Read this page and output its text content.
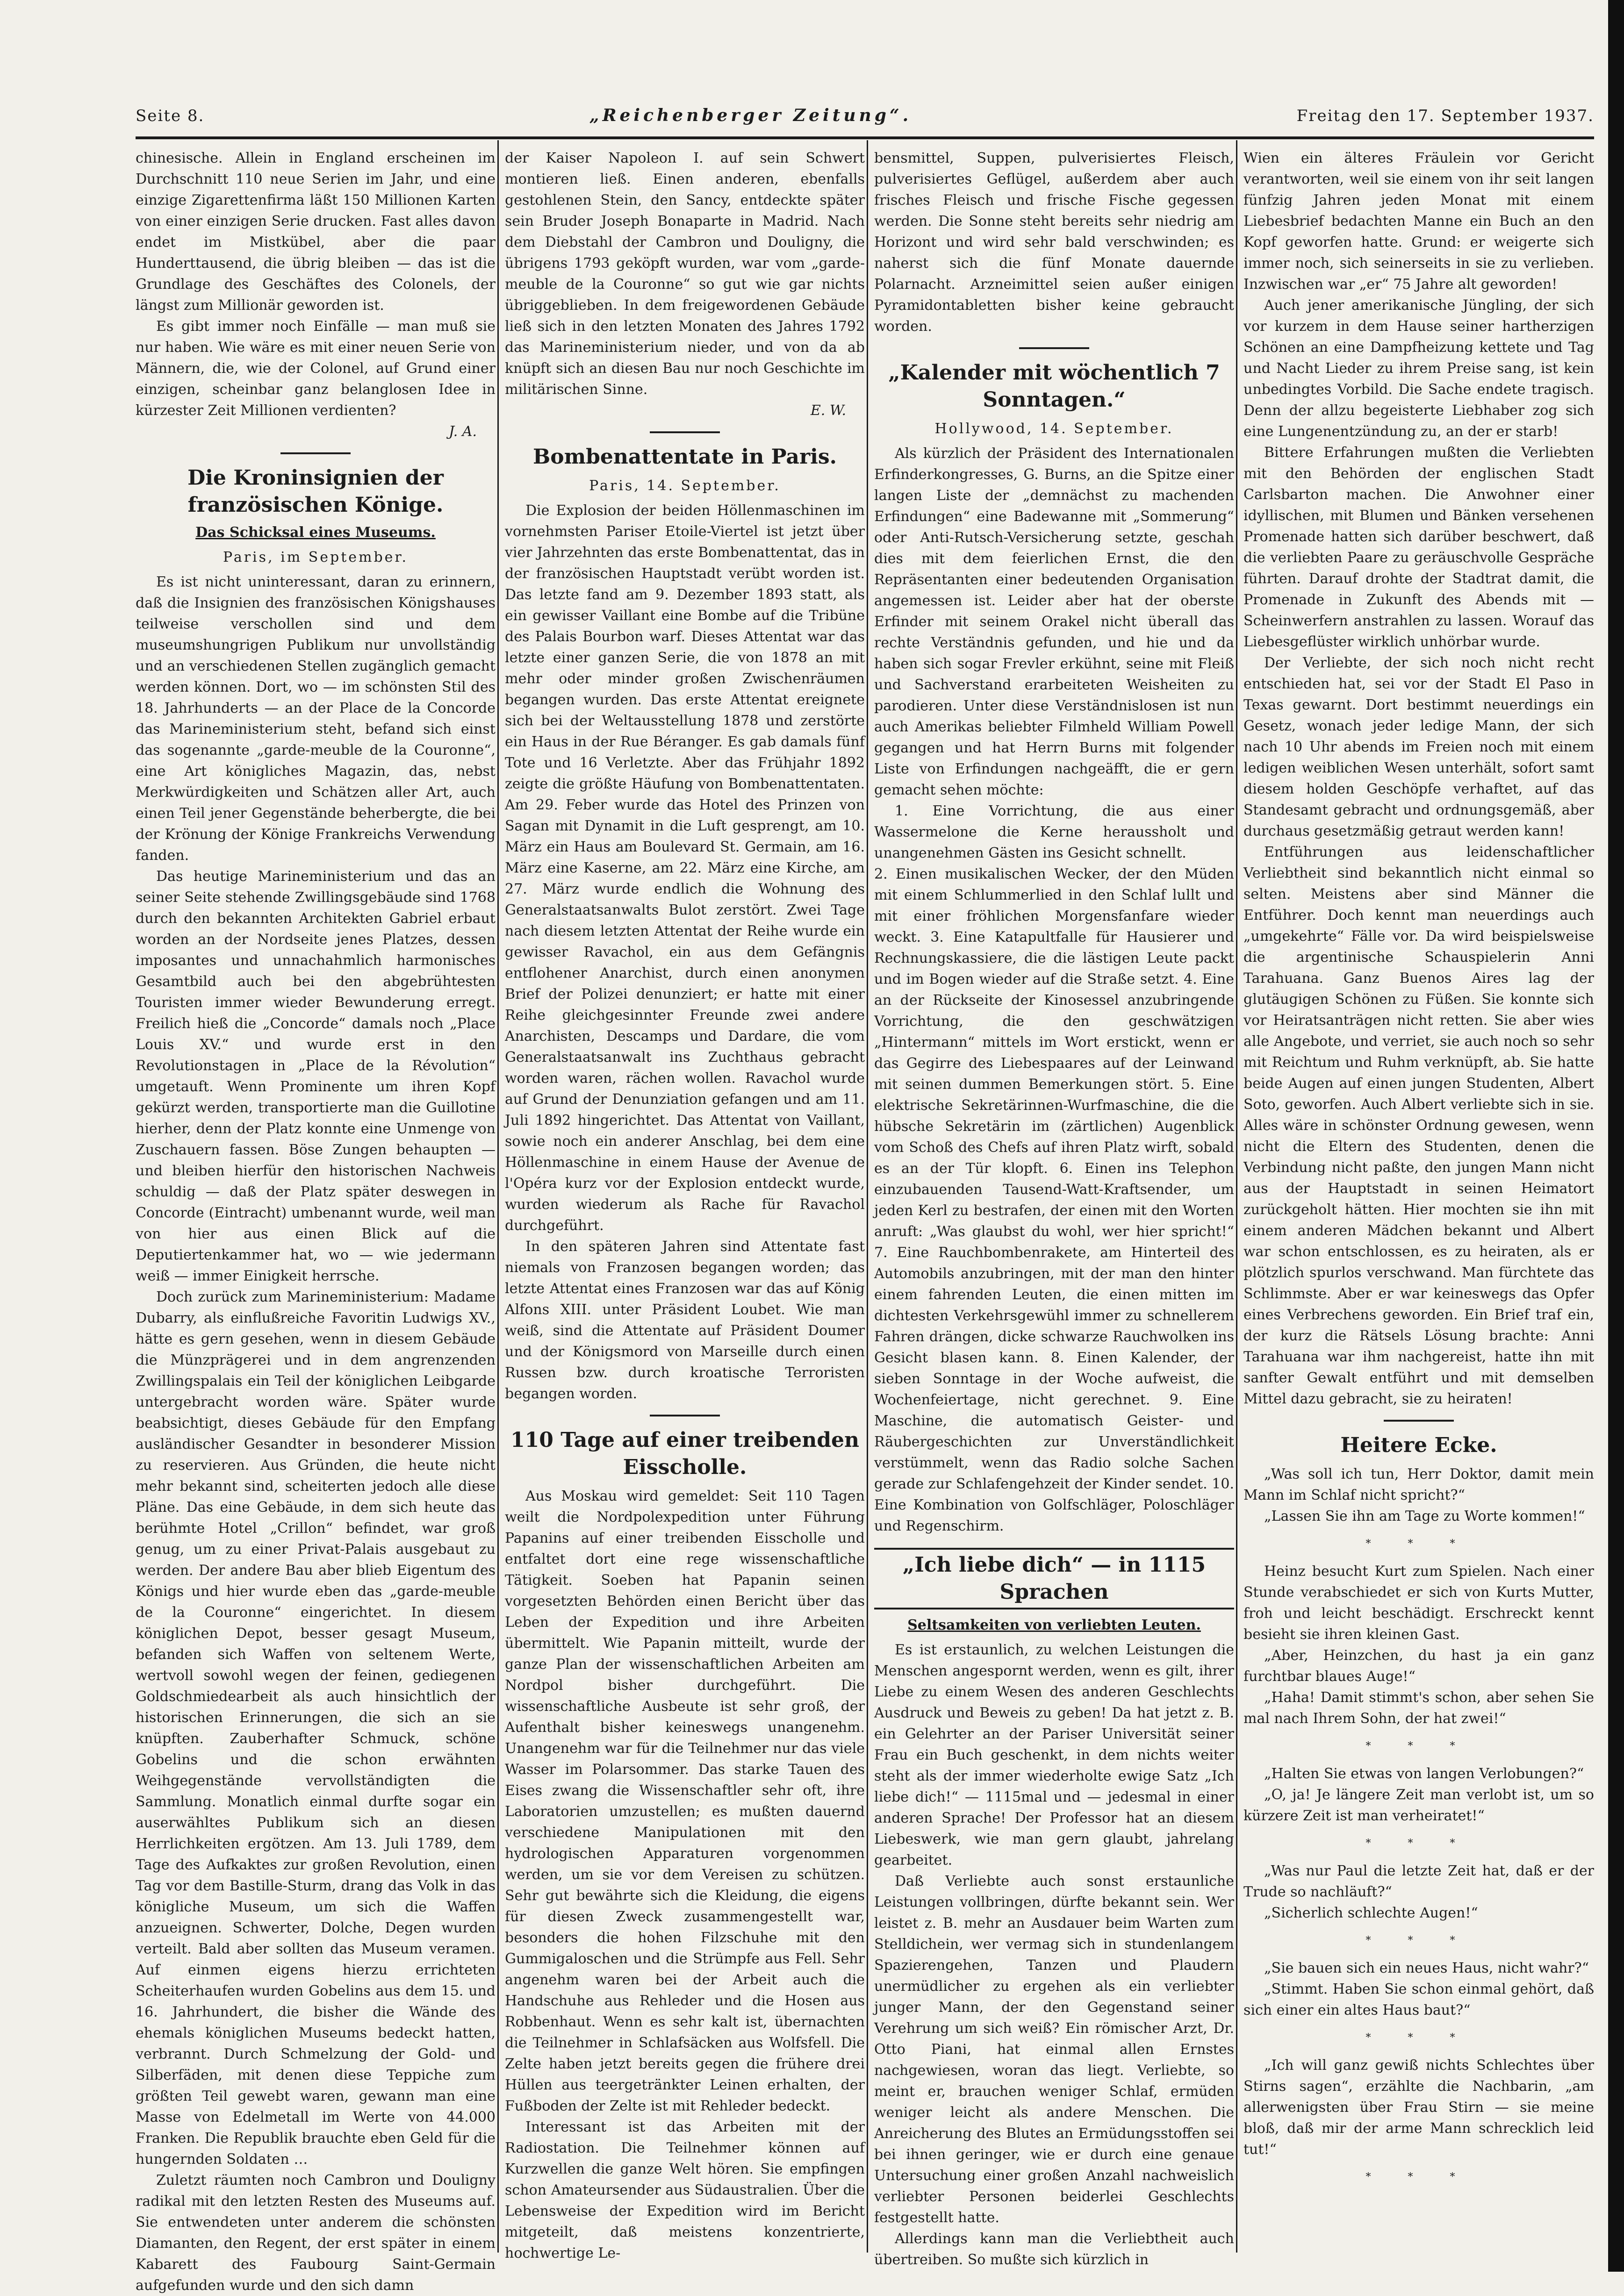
Seite 8.	„Reichenberger Zeitung“.	Freitag den 17. September 1937.

chinesische. Allein in England erscheinen im Durchschnitt 110 neue Serien im Jahr, und eine einzige Zigarettenfirma läßt 150 Millionen Karten von einer einzigen Serie drucken. Fast alles davon endet im Mistkübel, aber die paar Hunderttausend, die übrig bleiben — das ist die Grundlage des Geschäftes des Colonels, der längst zum Millionär geworden ist.

Es gibt immer noch Einfälle — man muß sie nur haben. Wie wäre es mit einer neuen Serie von Männern, die, wie der Colonel, auf Grund einer einzigen, scheinbar ganz belanglosen Idee in kürzester Zeit Millionen verdienten?

J. A.
Die Kroninsignien der französischen Könige.
Das Schicksal eines Museums.
Paris, im September.

Es ist nicht uninteressant, daran zu erinnern, daß die Insignien des französischen Königshauses teilweise verschollen sind und dem museumshungrigen Publikum nur unvollständig und an verschiedenen Stellen zugänglich gemacht werden können. Dort, wo — im schönsten Stil des 18. Jahrhunderts — an der Place de la Concorde das Marineministerium steht, befand sich einst das sogenannte „garde-meuble de la Couronne“, eine Art königliches Magazin, das, nebst Merkwürdigkeiten und Schätzen aller Art, auch einen Teil jener Gegenstände beherbergte, die bei der Krönung der Könige Frankreichs Verwendung fanden.

Das heutige Marineministerium und das an seiner Seite stehende Zwillingsgebäude sind 1768 durch den bekannten Architekten Gabriel erbaut worden an der Nordseite jenes Platzes, dessen imposantes und unnachahmlich harmonisches Gesamtbild auch bei den abgebrühtesten Touristen immer wieder Bewunderung erregt. Freilich hieß die „Concorde“ damals noch „Place Louis XV.“ und wurde erst in den Revolutionstagen in „Place de la Révolution“ umgetauft. Wenn Prominente um ihren Kopf gekürzt werden, transportierte man die Guillotine hierher, denn der Platz konnte eine Unmenge von Zuschauern fassen. Böse Zungen behaupten — und bleiben hierfür den historischen Nachweis schuldig — daß der Platz später deswegen in Concorde (Eintracht) umbenannt wurde, weil man von hier aus einen Blick auf die Deputiertenkammer hat, wo — wie jedermann weiß — immer Einigkeit herrsche.

Doch zurück zum Marineministerium: Madame Dubarry, als einflußreiche Favoritin Ludwigs XV., hätte es gern gesehen, wenn in diesem Gebäude die Münzprägerei und in dem angrenzenden Zwillingspalais ein Teil der königlichen Leibgarde untergebracht worden wäre. Später wurde beabsichtigt, dieses Gebäude für den Empfang ausländischer Gesandter in besonderer Mission zu reservieren. Aus Gründen, die heute nicht mehr bekannt sind, scheiterten jedoch alle diese Pläne. Das eine Gebäude, in dem sich heute das berühmte Hotel „Crillon“ befindet, war groß genug, um zu einer Privat-Palais ausgebaut zu werden. Der andere Bau aber blieb Eigentum des Königs und hier wurde eben das „garde-meuble de la Couronne“ eingerichtet. In diesem königlichen Depot, besser gesagt Museum, befanden sich Waffen von seltenem Werte, wertvoll sowohl wegen der feinen, gediegenen Goldschmiedearbeit als auch hinsichtlich der historischen Erinnerungen, die sich an sie knüpften. Zauberhafter Schmuck, schöne Gobelins und die schon erwähnten Weihgegenstände vervollständigten die Sammlung. Monatlich einmal durfte sogar ein auserwähltes Publikum sich an diesen Herrlichkeiten ergötzen. Am 13. Juli 1789, dem Tage des Aufkaktes zur großen Revolution, einen Tag vor dem Bastille-Sturm, drang das Volk in das königliche Museum, um sich die Waffen anzueignen. Schwerter, Dolche, Degen wurden verteilt. Bald aber sollten das Museum veramen. Auf einmen eigens hierzu errichteten Scheiterhaufen wurden Gobelins aus dem 15. und 16. Jahrhundert, die bisher die Wände des ehemals königlichen Museums bedeckt hatten, verbrannt. Durch Schmelzung der Gold- und Silberfäden, mit denen diese Teppiche zum größten Teil gewebt waren, gewann man eine Masse von Edelmetall im Werte von 44.000 Franken. Die Republik brauchte eben Geld für die hungernden Soldaten …

Zuletzt räumten noch Cambron und Douligny radikal mit den letzten Resten des Museums auf. Sie entwendeten unter anderem die schönsten Diamanten, den Regent, der erst später in einem Kabarett des Faubourg Saint-Germain aufgefunden wurde und den sich damn

der Kaiser Napoleon I. auf sein Schwert montieren ließ. Einen anderen, ebenfalls gestohlenen Stein, den Sancy, entdeckte später sein Bruder Joseph Bonaparte in Madrid. Nach dem Diebstahl der Cambron und Douligny, die übrigens 1793 geköpft wurden, war vom „garde-meuble de la Couronne“ so gut wie gar nichts übriggeblieben. In dem freigewordenen Gebäude ließ sich in den letzten Monaten des Jahres 1792 das Marineministerium nieder, und von da ab knüpft sich an diesen Bau nur noch Geschichte im militärischen Sinne.

E. W.
Bombenattentate in Paris.
Paris, 14. September.

Die Explosion der beiden Höllenmaschinen im vornehmsten Pariser Etoile-Viertel ist jetzt über vier Jahrzehnten das erste Bombenattentat, das in der französischen Hauptstadt verübt worden ist. Das letzte fand am 9. Dezember 1893 statt, als ein gewisser Vaillant eine Bombe auf die Tribüne des Palais Bourbon warf. Dieses Attentat war das letzte einer ganzen Serie, die von 1878 an mit mehr oder minder großen Zwischenräumen begangen wurden. Das erste Attentat ereignete sich bei der Weltausstellung 1878 und zerstörte ein Haus in der Rue Béranger. Es gab damals fünf Tote und 16 Verletzte. Aber das Frühjahr 1892 zeigte die größte Häufung von Bombenattentaten. Am 29. Feber wurde das Hotel des Prinzen von Sagan mit Dynamit in die Luft gesprengt, am 10. März ein Haus am Boulevard St. Germain, am 16. März eine Kaserne, am 22. März eine Kirche, am 27. März wurde endlich die Wohnung des Generalstaatsanwalts Bulot zerstört. Zwei Tage nach diesem letzten Attentat der Reihe wurde ein gewisser Ravachol, ein aus dem Gefängnis entflohener Anarchist, durch einen anonymen Brief der Polizei denunziert; er hatte mit einer Reihe gleichgesinnter Freunde zwei andere Anarchisten, Descamps und Dardare, die vom Generalstaatsanwalt ins Zuchthaus gebracht worden waren, rächen wollen. Ravachol wurde auf Grund der Denunziation gefangen und am 11. Juli 1892 hingerichtet. Das Attentat von Vaillant, sowie noch ein anderer Anschlag, bei dem eine Höllenmaschine in einem Hause der Avenue de l'Opéra kurz vor der Explosion entdeckt wurde, wurden wiederum als Rache für Ravachol durchgeführt.

In den späteren Jahren sind Attentate fast niemals von Franzosen begangen worden; das letzte Attentat eines Franzosen war das auf König Alfons XIII. unter Präsident Loubet. Wie man weiß, sind die Attentate auf Präsident Doumer und der Königsmord von Marseille durch einen Russen bzw. durch kroatische Terroristen begangen worden.

110 Tage auf einer treibenden Eisscholle.

Aus Moskau wird gemeldet: Seit 110 Tagen weilt die Nordpolexpedition unter Führung Papanins auf einer treibenden Eisscholle und entfaltet dort eine rege wissenschaftliche Tätigkeit. Soeben hat Papanin seinen vorgesetzten Behörden einen Bericht über das Leben der Expedition und ihre Arbeiten übermittelt. Wie Papanin mitteilt, wurde der ganze Plan der wissenschaftlichen Arbeiten am Nordpol bisher durchgeführt. Die wissenschaftliche Ausbeute ist sehr groß, der Aufenthalt bisher keineswegs unangenehm. Unangenehm war für die Teilnehmer nur das viele Wasser im Polarsommer. Das starke Tauen des Eises zwang die Wissenschaftler sehr oft, ihre Laboratorien umzustellen; es mußten dauernd verschiedene Manipulationen mit den hydrologischen Apparaturen vorgenommen werden, um sie vor dem Vereisen zu schützen. Sehr gut bewährte sich die Kleidung, die eigens für diesen Zweck zusammengestellt war, besonders die hohen Filzschuhe mit den Gummigaloschen und die Strümpfe aus Fell. Sehr angenehm waren bei der Arbeit auch die Handschuhe aus Rehleder und die Hosen aus Robbenhaut. Wenn es sehr kalt ist, übernachten die Teilnehmer in Schlafsäcken aus Wolfsfell. Die Zelte haben jetzt bereits gegen die frühere drei Hüllen aus teergetränkter Leinen erhalten, der Fußboden der Zelte ist mit Rehleder bedeckt.

Interessant ist das Arbeiten mit der Radiostation. Die Teilnehmer können auf Kurzwellen die ganze Welt hören. Sie empfingen schon Amateursender aus Südaustralien. Über die Lebensweise der Expedition wird im Bericht mitgeteilt, daß meistens konzentrierte, hochwertige Le-

bensmittel, Suppen, pulverisiertes Fleisch, pulverisiertes Geflügel, außerdem aber auch frisches Fleisch und frische Fische gegessen werden. Die Sonne steht bereits sehr niedrig am Horizont und wird sehr bald verschwinden; es naherst sich die fünf Monate dauernde Polarnacht. Arzneimittel seien außer einigen Pyramidontabletten bisher keine gebraucht worden.

„Kalender mit wöchentlich 7 Sonntagen.“
Hollywood, 14. September.

Als kürzlich der Präsident des Internationalen Erfinderkongresses, G. Burns, an die Spitze einer langen Liste der „demnächst zu machenden Erfindungen“ eine Badewanne mit „Sommerung“ oder Anti-Rutsch-Versicherung setzte, geschah dies mit dem feierlichen Ernst, die den Repräsentanten einer bedeutenden Organisation angemessen ist. Leider aber hat der oberste Erfinder mit seinem Orakel nicht überall das rechte Verständnis gefunden, und hie und da haben sich sogar Frevler erkühnt, seine mit Fleiß und Sachverstand erarbeiteten Weisheiten zu parodieren. Unter diese Verständnislosen ist nun auch Amerikas beliebter Filmheld William Powell gegangen und hat Herrn Burns mit folgender Liste von Erfindungen nachgeäfft, die er gern gemacht sehen möchte:

1. Eine Vorrichtung, die aus einer Wassermelone die Kerne heraussholt und unangenehmen Gästen ins Gesicht schnellt.
2. Einen musikalischen Wecker, der den Müden mit einem Schlummerlied in den Schlaf lullt und mit einer fröhlichen Morgensfanfare wieder weckt. 3. Eine Katapultfalle für Hausierer und Rechnungskassiere, die die lästigen Leute packt und im Bogen wieder auf die Straße setzt. 4. Eine an der Rückseite der Kinosessel anzubringende Vorrichtung, die den geschwätzigen „Hintermann“ mittels im Wort erstickt, wenn er das Gegirre des Liebespaares auf der Leinwand mit seinen dummen Bemerkungen stört. 5. Eine elektrische Sekretärinnen-Wurfmaschine, die die hübsche Sekretärin im (zärtlichen) Augenblick vom Schoß des Chefs auf ihren Platz wirft, sobald es an der Tür klopft. 6. Einen ins Telephon einzubauenden Tausend-Watt-Kraftsender, um jeden Kerl zu bestrafen, der einen mit den Worten anruft: „Was glaubst du wohl, wer hier spricht!“ 7. Eine Rauchbombenrakete, am Hinterteil des Automobils anzubringen, mit der man den hinter einem fahrenden Leuten, die einen mitten im dichtesten Verkehrsgewühl immer zu schnellerem Fahren drängen, dicke schwarze Rauchwolken ins Gesicht blasen kann. 8. Einen Kalender, der sieben Sonntage in der Woche aufweist, die Wochenfeiertage, nicht gerechnet. 9. Eine Maschine, die automatisch Geister- und Räubergeschichten zur Unverständlichkeit verstümmelt, wenn das Radio solche Sachen gerade zur Schlafengehzeit der Kinder sendet. 10. Eine Kombination von Golfschläger, Poloschläger und Regenschirm.

„Ich liebe dich“ — in 1115 Sprachen
Seltsamkeiten von verliebten Leuten.

Es ist erstaunlich, zu welchen Leistungen die Menschen angespornt werden, wenn es gilt, ihrer Liebe zu einem Wesen des anderen Geschlechts Ausdruck und Beweis zu geben! Da hat jetzt z. B. ein Gelehrter an der Pariser Universität seiner Frau ein Buch geschenkt, in dem nichts weiter steht als der immer wiederholte ewige Satz „Ich liebe dich!“ — 1115mal und — jedesmal in einer anderen Sprache! Der Professor hat an diesem Liebeswerk, wie man gern glaubt, jahrelang gearbeitet.

Daß Verliebte auch sonst erstaunliche Leistungen vollbringen, dürfte bekannt sein. Wer leistet z. B. mehr an Ausdauer beim Warten zum Stelldichein, wer vermag sich in stundenlangem Spazierengehen, Tanzen und Plaudern unermüdlicher zu ergehen als ein verliebter junger Mann, der den Gegenstand seiner Verehrung um sich weiß? Ein römischer Arzt, Dr. Otto Piani, hat einmal allen Ernstes nachgewiesen, woran das liegt. Verliebte, so meint er, brauchen weniger Schlaf, ermüden weniger leicht als andere Menschen. Die Anreicherung des Blutes an Ermüdungsstoffen sei bei ihnen geringer, wie er durch eine genaue Untersuchung einer großen Anzahl nachweislich verliebter Personen beiderlei Geschlechts festgestellt hatte.

Allerdings kann man die Verliebtheit auch übertreiben. So mußte sich kürzlich in

Wien ein älteres Fräulein vor Gericht verantworten, weil sie einem von ihr seit langen fünfzig Jahren jeden Monat mit einem Liebesbrief bedachten Manne ein Buch an den Kopf geworfen hatte. Grund: er weigerte sich immer noch, sich seinerseits in sie zu verlieben. Inzwischen war „er“ 75 Jahre alt geworden!

Auch jener amerikanische Jüngling, der sich vor kurzem in dem Hause seiner hartherzigen Schönen an eine Dampfheizung kettete und Tag und Nacht Lieder zu ihrem Preise sang, ist kein unbedingtes Vorbild. Die Sache endete tragisch. Denn der allzu begeisterte Liebhaber zog sich eine Lungenentzündung zu, an der er starb!

Bittere Erfahrungen mußten die Verliebten mit den Behörden der englischen Stadt Carlsbarton machen. Die Anwohner einer idyllischen, mit Blumen und Bänken versehenen Promenade hatten sich darüber beschwert, daß die verliebten Paare zu geräuschvolle Gespräche führten. Darauf drohte der Stadtrat damit, die Promenade in Zukunft des Abends mit — Scheinwerfern anstrahlen zu lassen. Worauf das Liebesgeflüster wirklich unhörbar wurde.

Der Verliebte, der sich noch nicht recht entschieden hat, sei vor der Stadt El Paso in Texas gewarnt. Dort bestimmt neuerdings ein Gesetz, wonach jeder ledige Mann, der sich nach 10 Uhr abends im Freien noch mit einem ledigen weiblichen Wesen unterhält, sofort samt diesem holden Geschöpfe verhaftet, auf das Standesamt gebracht und ordnungsgemäß, aber durchaus gesetzmäßig getraut werden kann!

Entführungen aus leidenschaftlicher Verliebtheit sind bekanntlich nicht einmal so selten. Meistens aber sind Männer die Entführer. Doch kennt man neuerdings auch „umgekehrte“ Fälle vor. Da wird beispielsweise die argentinische Schauspielerin Anni Tarahuana. Ganz Buenos Aires lag der glutäugigen Schönen zu Füßen. Sie konnte sich vor Heiratsanträgen nicht retten. Sie aber wies alle Angebote, und verriet, sie auch noch so sehr mit Reichtum und Ruhm verknüpft, ab. Sie hatte beide Augen auf einen jungen Studenten, Albert Soto, geworfen. Auch Albert verliebte sich in sie. Alles wäre in schönster Ordnung gewesen, wenn nicht die Eltern des Studenten, denen die Verbindung nicht paßte, den jungen Mann nicht aus der Hauptstadt in seinen Heimatort zurückgeholt hätten. Hier mochten sie ihn mit einem anderen Mädchen bekannt und Albert war schon entschlossen, es zu heiraten, als er plötzlich spurlos verschwand. Man fürchtete das Schlimmste. Aber er war keineswegs das Opfer eines Verbrechens geworden. Ein Brief traf ein, der kurz die Rätsels Lösung brachte: Anni Tarahuana war ihm nachgereist, hatte ihn mit sanfter Gewalt entführt und mit demselben Mittel dazu gebracht, sie zu heiraten!

Heitere Ecke.

„Was soll ich tun, Herr Doktor, damit mein Mann im Schlaf nicht spricht?“

„Lassen Sie ihn am Tage zu Worte kommen!“

* * *

Heinz besucht Kurt zum Spielen. Nach einer Stunde verabschiedet er sich von Kurts Mutter, froh und leicht beschädigt. Erschreckt kennt besieht sie ihren kleinen Gast.

„Aber, Heinzchen, du hast ja ein ganz furchtbar blaues Auge!“

„Haha! Damit stimmt's schon, aber sehen Sie mal nach Ihrem Sohn, der hat zwei!“

* * *

„Halten Sie etwas von langen Verlobungen?“

„O, ja! Je längere Zeit man verlobt ist, um so kürzere Zeit ist man verheiratet!“

* * *

„Was nur Paul die letzte Zeit hat, daß er der Trude so nachläuft?“

„Sicherlich schlechte Augen!“

* * *

„Sie bauen sich ein neues Haus, nicht wahr?“

„Stimmt. Haben Sie schon einmal gehört, daß sich einer ein altes Haus baut?“

* * *

„Ich will ganz gewiß nichts Schlechtes über Stirns sagen“, erzählte die Nachbarin, „am allerwenigsten über Frau Stirn — sie meine bloß, daß mir der arme Mann schrecklich leid tut!“

* * *
